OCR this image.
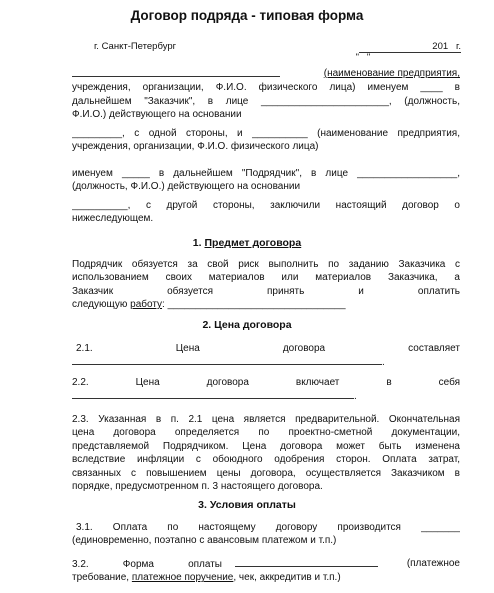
Договор подряда - типовая форма
г. Санкт-Петербург

"   "

201   г.

(наименование предприятия,
учреждения, организации, Ф.И.О. физического лица) именуем ____ в
дальнейшем "Заказчик", в лице _______________________, (должность,
Ф.И.О.) действующего на основании
_________, с одной стороны, и __________ (наименование предприятия,
учреждения, организации, Ф.И.О. физического лица)
именуем _____ в дальнейшем "Подрядчик", в лице __________________,
(должность, Ф.И.О.) действующего на основании
__________, с другой стороны, заключили настоящий договор о
нижеследующем.
1. Предмет договора
Подрядчик обязуется за свой риск выполнить по заданию Заказчика с
использованием своих материалов или материалов Заказчика, а
Заказчик обязуется принять и оплатить
следующую работу: ________________________________
2. Цена договора
2.1. Цена договора составляет
.
2.2. Цена договора включает в себя
.
2.3. Указанная в п. 2.1 цена является предварительной. Окончательная
цена договора определяется по проектно-сметной документации,
представляемой Подрядчиком. Цена договора может быть изменена
вследствие инфляции с обоюдного одобрения сторон. Оплата затрат,
связанных с повышением цены договора, осуществляется Заказчиком в
порядке, предусмотренном п. 3 настоящего договора.
3. Условия оплаты
3.1. Оплата по настоящему договору производится _______
(единовременно, поэтапно с авансовым платежом и т.п.)
3.2. Форма оплаты	(платежное
требование, платежное поручение, чек, аккредитив и т.п.)
